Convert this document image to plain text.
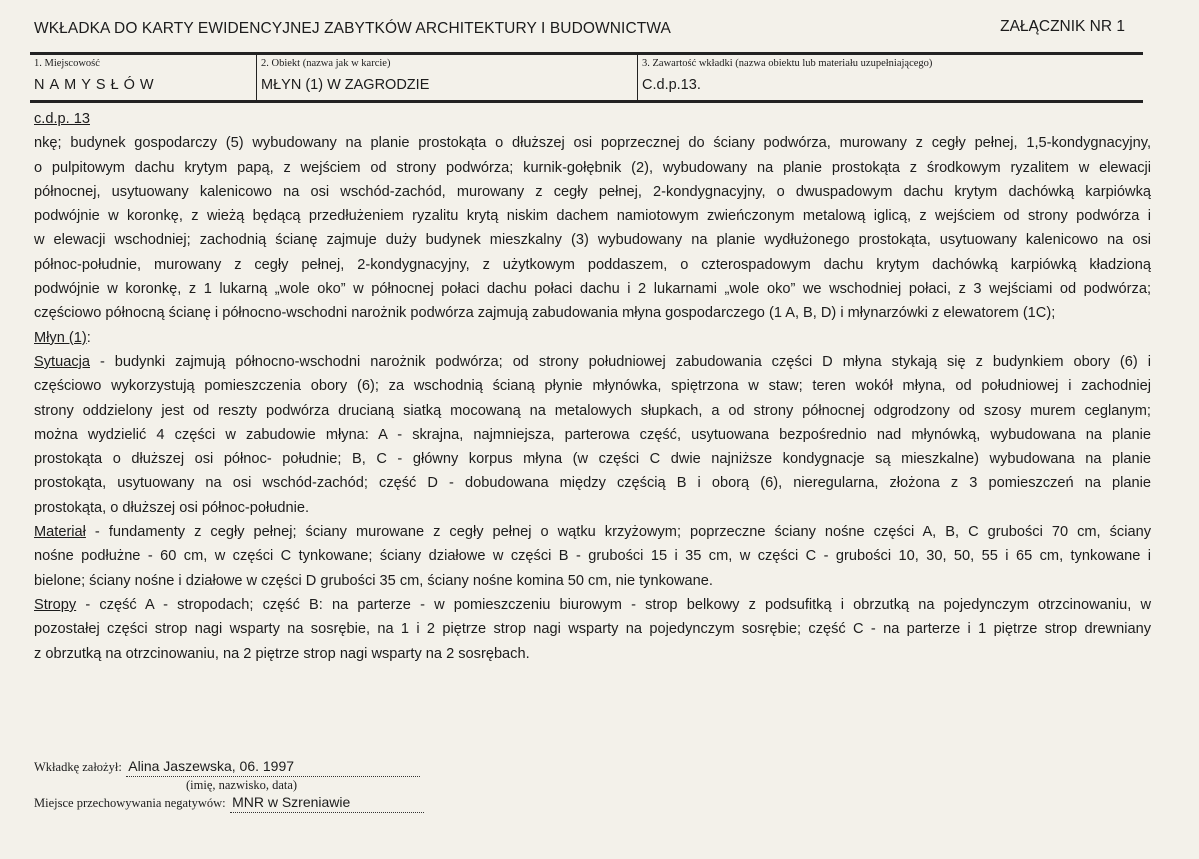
WKŁADKA DO KARTY EWIDENCYJNEJ ZABYTKÓW ARCHITEKTURY I BUDOWNICTWA	ZAŁĄCZNIK NR 1
1. Miejscowość
NAMYSŁÓW
2. Obiekt (nazwa jak w karcie)
MŁYN (1) W ZAGRODZIE
3. Zawartość wkładki (nazwa obiektu lub materiału uzupełniającego)
C.d.p.13.
c.d.p. 13
nkę; budynek gospodarczy (5) wybudowany na planie prostokąta o dłuższej osi poprzecznej do ściany podwórza, murowany z cegły pełnej, 1,5-kondygnacyjny,
o pulpitowym dachu krytym papą, z wejściem od strony podwórza; kurnik-gołębnik (2), wybudowany na planie prostokąta z środkowym ryzalitem w elewacji
północnej, usytuowany kalenicowo na osi wschód-zachód, murowany z cegły pełnej, 2-kondygnacyjny, o dwuspadowym dachu krytym dachówką karpiówką
podwójnie w koronkę, z wieżą będącą przedłużeniem ryzalitu krytą niskim dachem namiotowym zwieńczonym metalową iglicą, z wejściem od strony podwórza i
w elewacji wschodniej; zachodnią ścianę zajmuje duży budynek mieszkalny (3) wybudowany na planie wydłużonego prostokąta, usytuowany kalenicowo na osi
północ-południe, murowany z cegły pełnej, 2-kondygnacyjny, z użytkowym poddaszem, o czterospadowym dachu krytym dachówką karpiówką kładzioną
podwójnie w koronkę, z 1 lukarną „wole oko” w północnej połaci dachu połaci dachu i 2 lukarnami „wole oko” we wschodniej połaci, z 3 wejściami od podwórza;
częściowo północną ścianę i północno-wschodni narożnik podwórza zajmują zabudowania młyna gospodarczego (1 A, B, D) i młynarzówki z elewatorem (1C);
Młyn (1):
Sytuacja - budynki zajmują północno-wschodni narożnik podwórza; od strony południowej zabudowania części D młyna stykają się z budynkiem obory (6) i
częściowo wykorzystują pomieszczenia obory (6); za wschodnią ścianą płynie młynówka, spiętrzona w staw; teren wokół młyna, od południowej i zachodniej
strony oddzielony jest od reszty podwórza drucianą siatką mocowaną na metalowych słupkach, a od strony północnej odgrodzony od szosy murem ceglanym;
można wydzielić 4 części w zabudowie młyna: A - skrajna, najmniejsza, parterowa część, usytuowana bezpośrednio nad młynówką, wybudowana na planie
prostokąta o dłuższej osi północ- południe; B, C - główny korpus młyna (w części C dwie najniższe kondygnacje są mieszkalne) wybudowana na planie
prostokąta, usytuowany na osi wschód-zachód; część D - dobudowana między częścią B i oborą (6), nieregularna, złożona z 3 pomieszczeń na planie
prostokąta, o dłuższej osi północ-południe.
Materiał - fundamenty z cegły pełnej; ściany murowane z cegły pełnej o wątku krzyżowym; poprzeczne ściany nośne części A, B, C grubości 70 cm, ściany
nośne podłużne - 60 cm, w części C tynkowane; ściany działowe w części B - grubości 15 i 35 cm, w części C - grubości 10, 30, 50, 55 i 65 cm, tynkowane i
bielone; ściany nośne i działowe w części D grubości 35 cm, ściany nośne komina 50 cm, nie tynkowane.
Stropy - część A - stropodach; część B: na parterze - w pomieszczeniu biurowym - strop belkowy z podsufitką i obrzutką na pojedynczym otrzcinowaniu, w
pozostałej części strop nagi wsparty na sosrębie, na 1 i 2 piętrze strop nagi wsparty na pojedynczym sosrębie; część C - na parterze i 1 piętrze strop drewniany
z obrzutką na otrzcinowaniu, na 2 piętrze strop nagi wsparty na 2 sosrębach.
Wkładkę założył: Alina Jaszewska, 06. 1997
(imię, nazwisko, data)
Miejsce przechowywania negatywów: MNR w Szreniawie
